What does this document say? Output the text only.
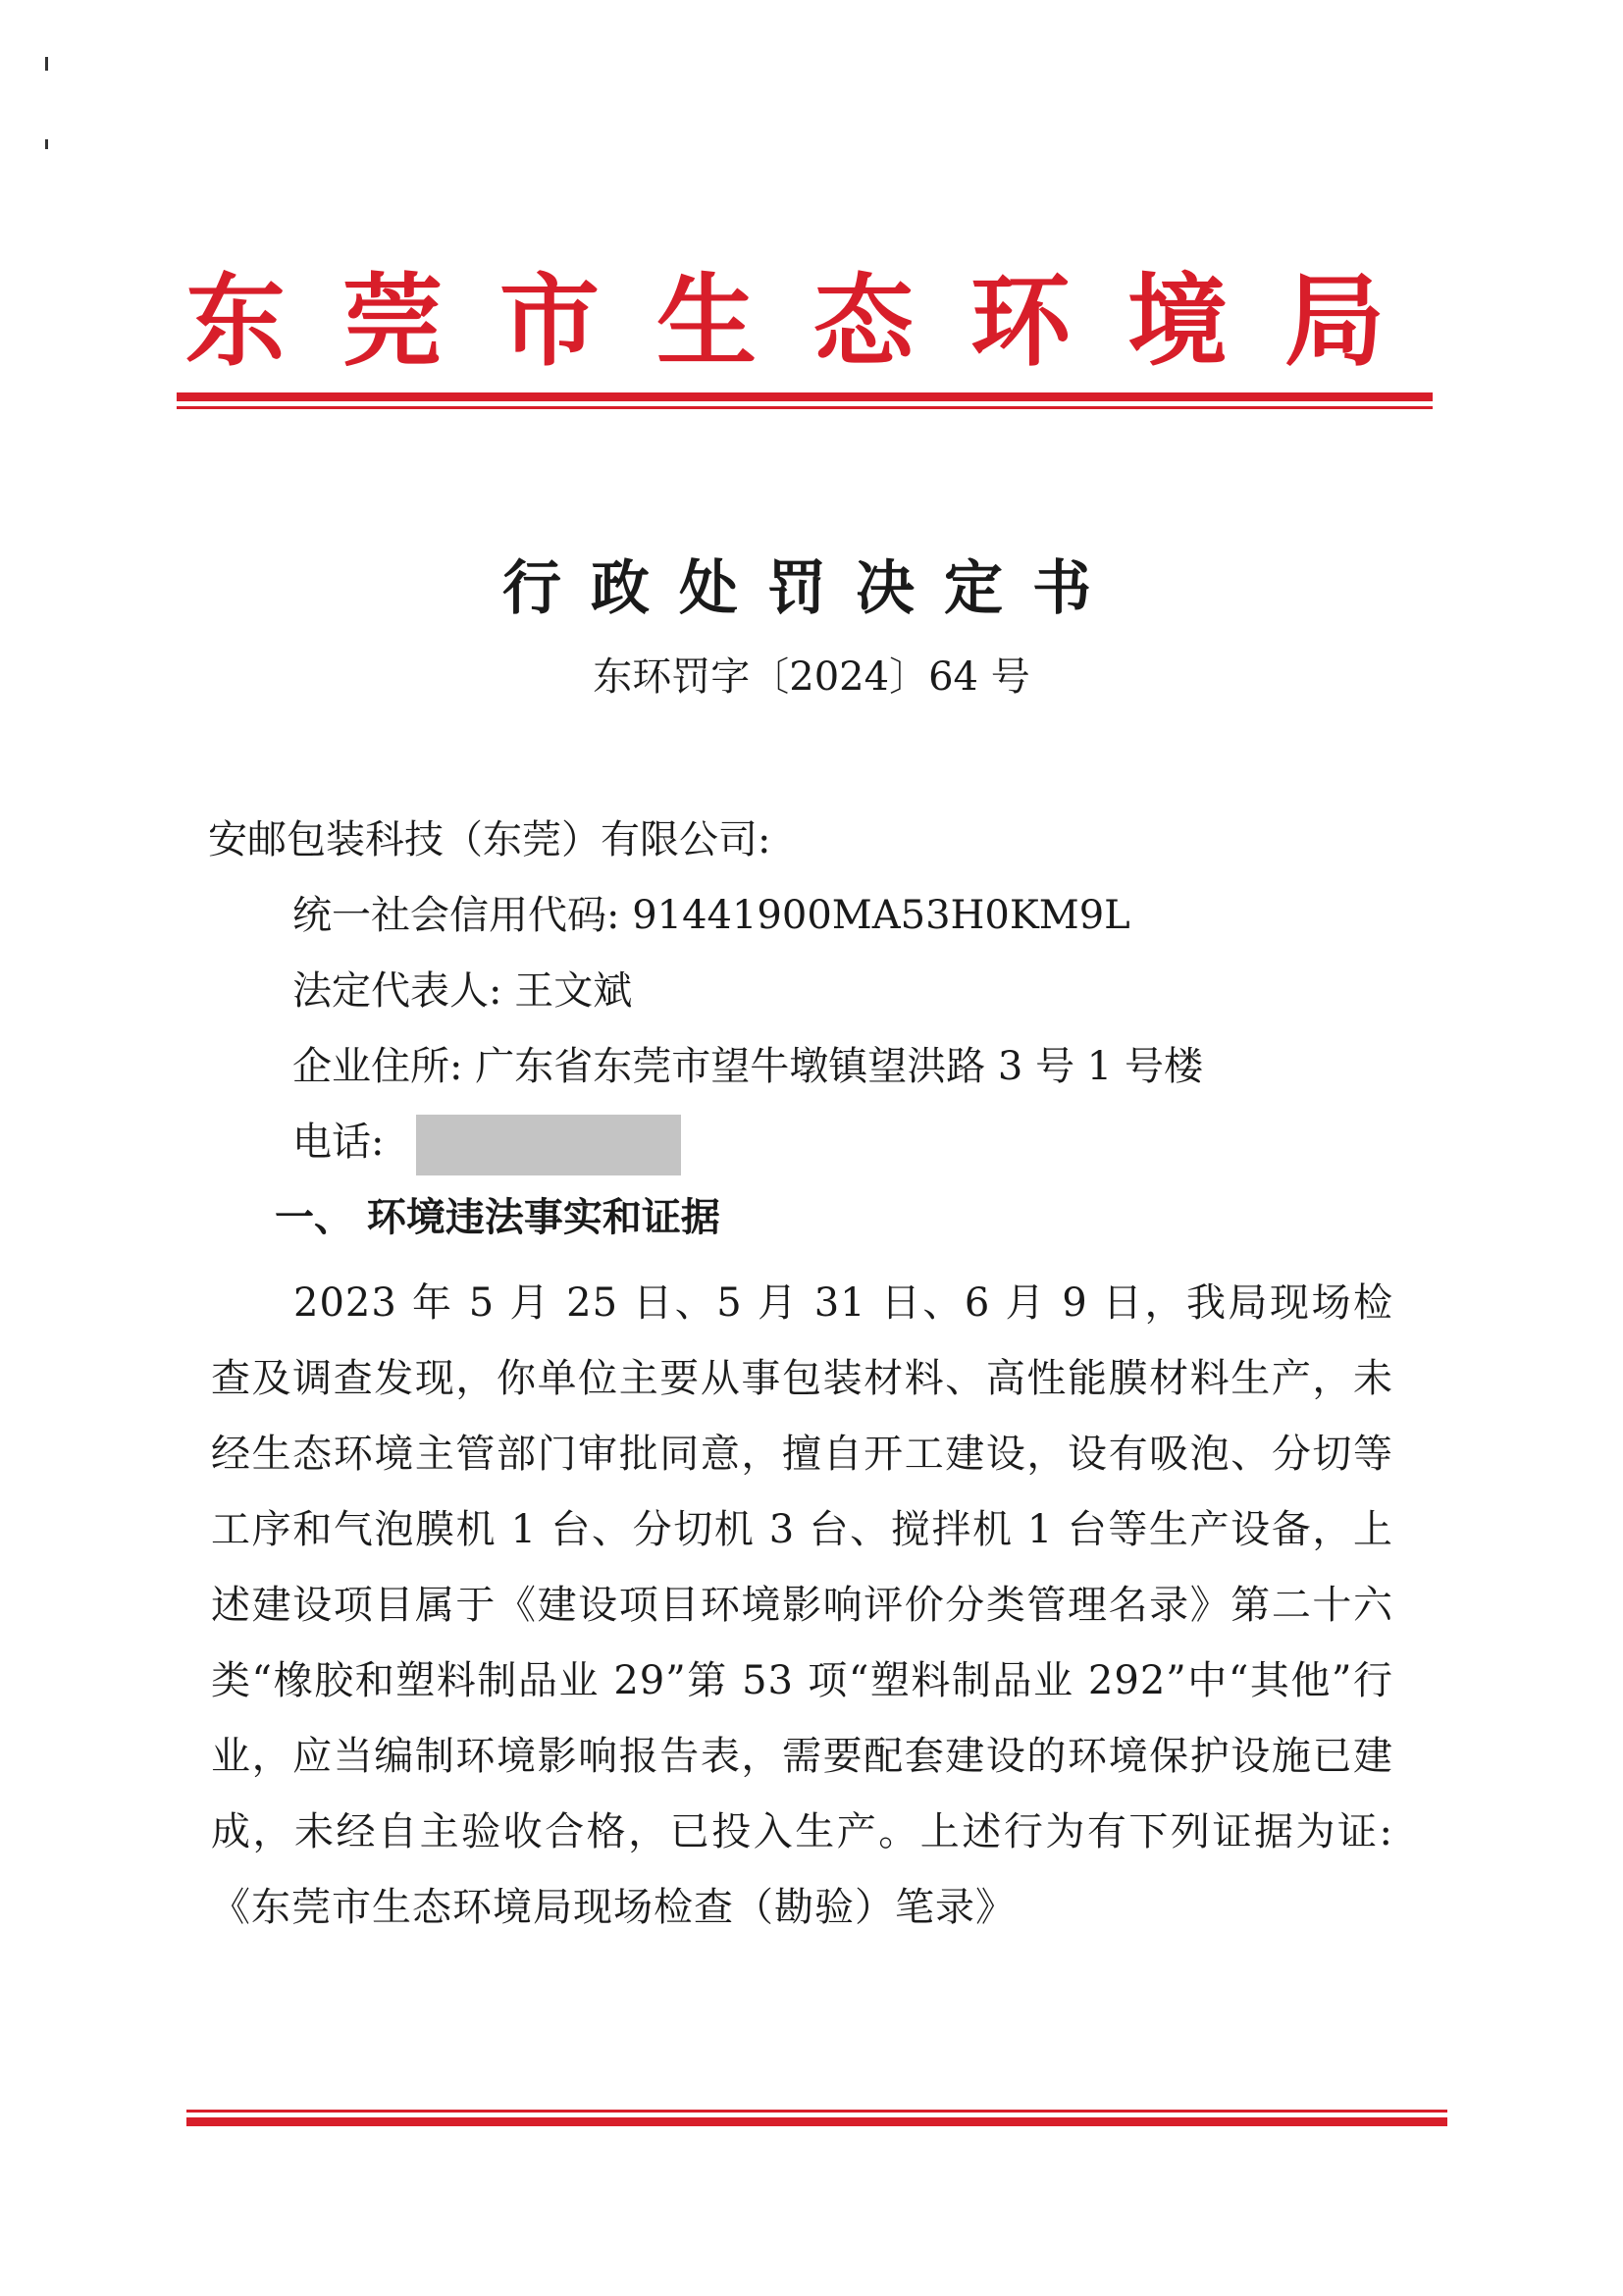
东 莞 市 生 态 环 境 局
行政处罚决定书
东环罚字〔2024〕64 号
安邮包装科技（东莞）有限公司:
统一社会信用代码: 91441900MA53H0KM9L
法定代表人: 王文斌
企业住所: 广东省东莞市望牛墩镇望洪路 3 号 1 号楼
电话:
一、 环境违法事实和证据
2023 年 5 月 25 日、5 月 31 日、6 月 9 日，我局现场检查及调查发现，你单位主要从事包装材料、高性能膜材料生产，未经生态环境主管部门审批同意，擅自开工建设，设有吸泡、分切等工序和气泡膜机 1 台、分切机 3 台、搅拌机 1 台等生产设备，上述建设项目属于《建设项目环境影响评价分类管理名录》第二十六类“橡胶和塑料制品业 29”第 53 项“塑料制品业 292”中“其他”行业，应当编制环境影响报告表，需要配套建设的环境保护设施已建成，未经自主验收合格，已投入生产。上述行为有下列证据为证:《东莞市生态环境局现场检查（勘验）笔录》
